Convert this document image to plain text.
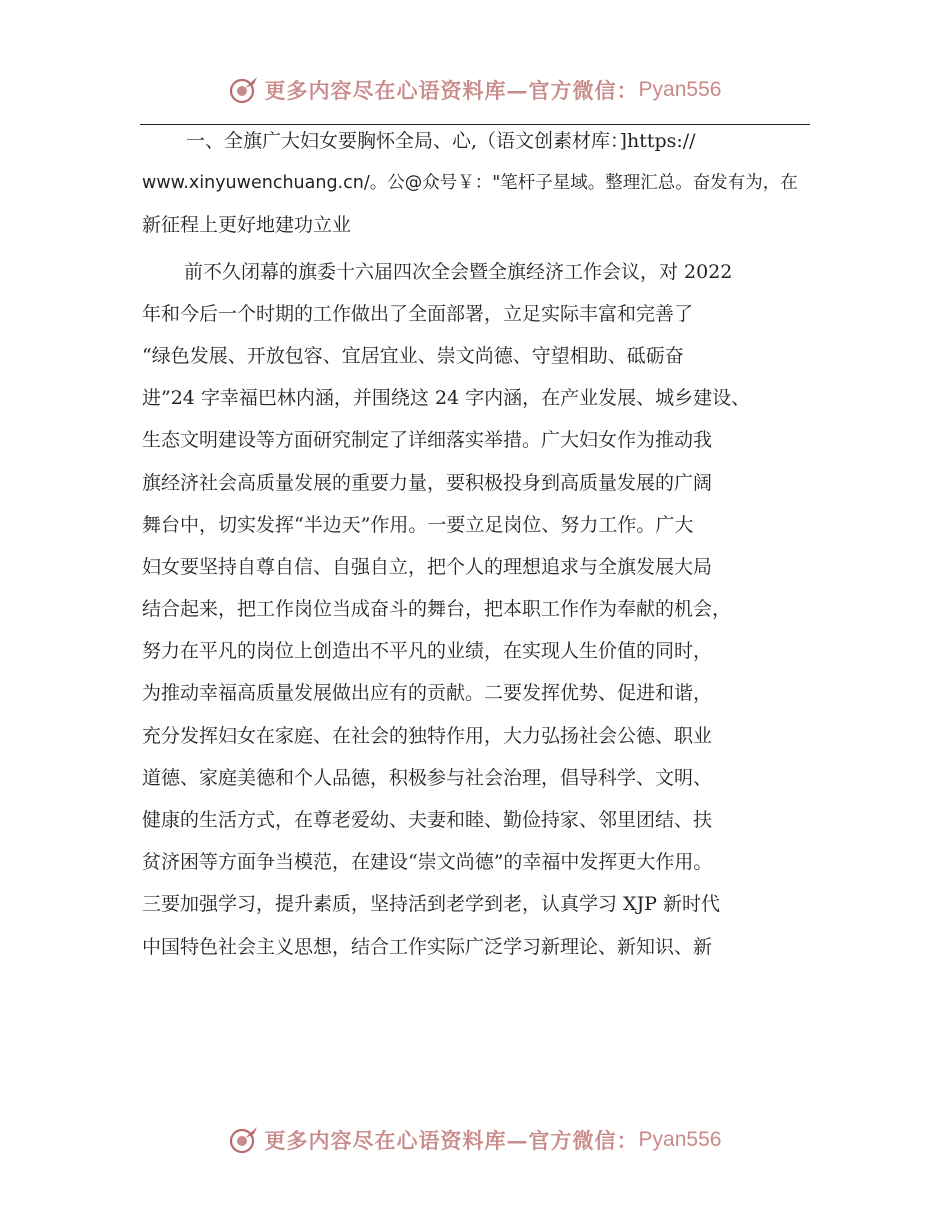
更多内容尽在心语资料库—官方微信： Pyan556
一、全旗广大妇女要胸怀全局、心,（语文创素材库：]https://
www.xinyuwenchuang.cn/。公@众号￥："笔杆子星域。整理汇总。奋发有为，在
新征程上更好地建功立业
前不久闭幕的旗委十六届四次全会暨全旗经济工作会议，对 2022
年和今后一个时期的工作做出了全面部署，立足实际丰富和完善了
“绿色发展、开放包容、宜居宜业、崇文尚德、守望相助、砥砺奋
进”24 字幸福巴林内涵，并围绕这 24 字内涵，在产业发展、城乡建设、
生态文明建设等方面研究制定了详细落实举措。广大妇女作为推动我
旗经济社会高质量发展的重要力量，要积极投身到高质量发展的广阔
舞台中，切实发挥“半边天”作用。一要立足岗位、努力工作。广大
妇女要坚持自尊自信、自强自立，把个人的理想追求与全旗发展大局
结合起来，把工作岗位当成奋斗的舞台，把本职工作作为奉献的机会，
努力在平凡的岗位上创造出不平凡的业绩，在实现人生价值的同时，
为推动幸福高质量发展做出应有的贡献。二要发挥优势、促进和谐，
充分发挥妇女在家庭、在社会的独特作用，大力弘扬社会公德、职业
道德、家庭美德和个人品德，积极参与社会治理，倡导科学、文明、
健康的生活方式，在尊老爱幼、夫妻和睦、勤俭持家、邻里团结、扶
贫济困等方面争当模范，在建设“崇文尚德”的幸福中发挥更大作用。
三要加强学习，提升素质，坚持活到老学到老，认真学习 XJP 新时代
中国特色社会主义思想，结合工作实际广泛学习新理论、新知识、新
更多内容尽在心语资料库—官方微信： Pyan556
